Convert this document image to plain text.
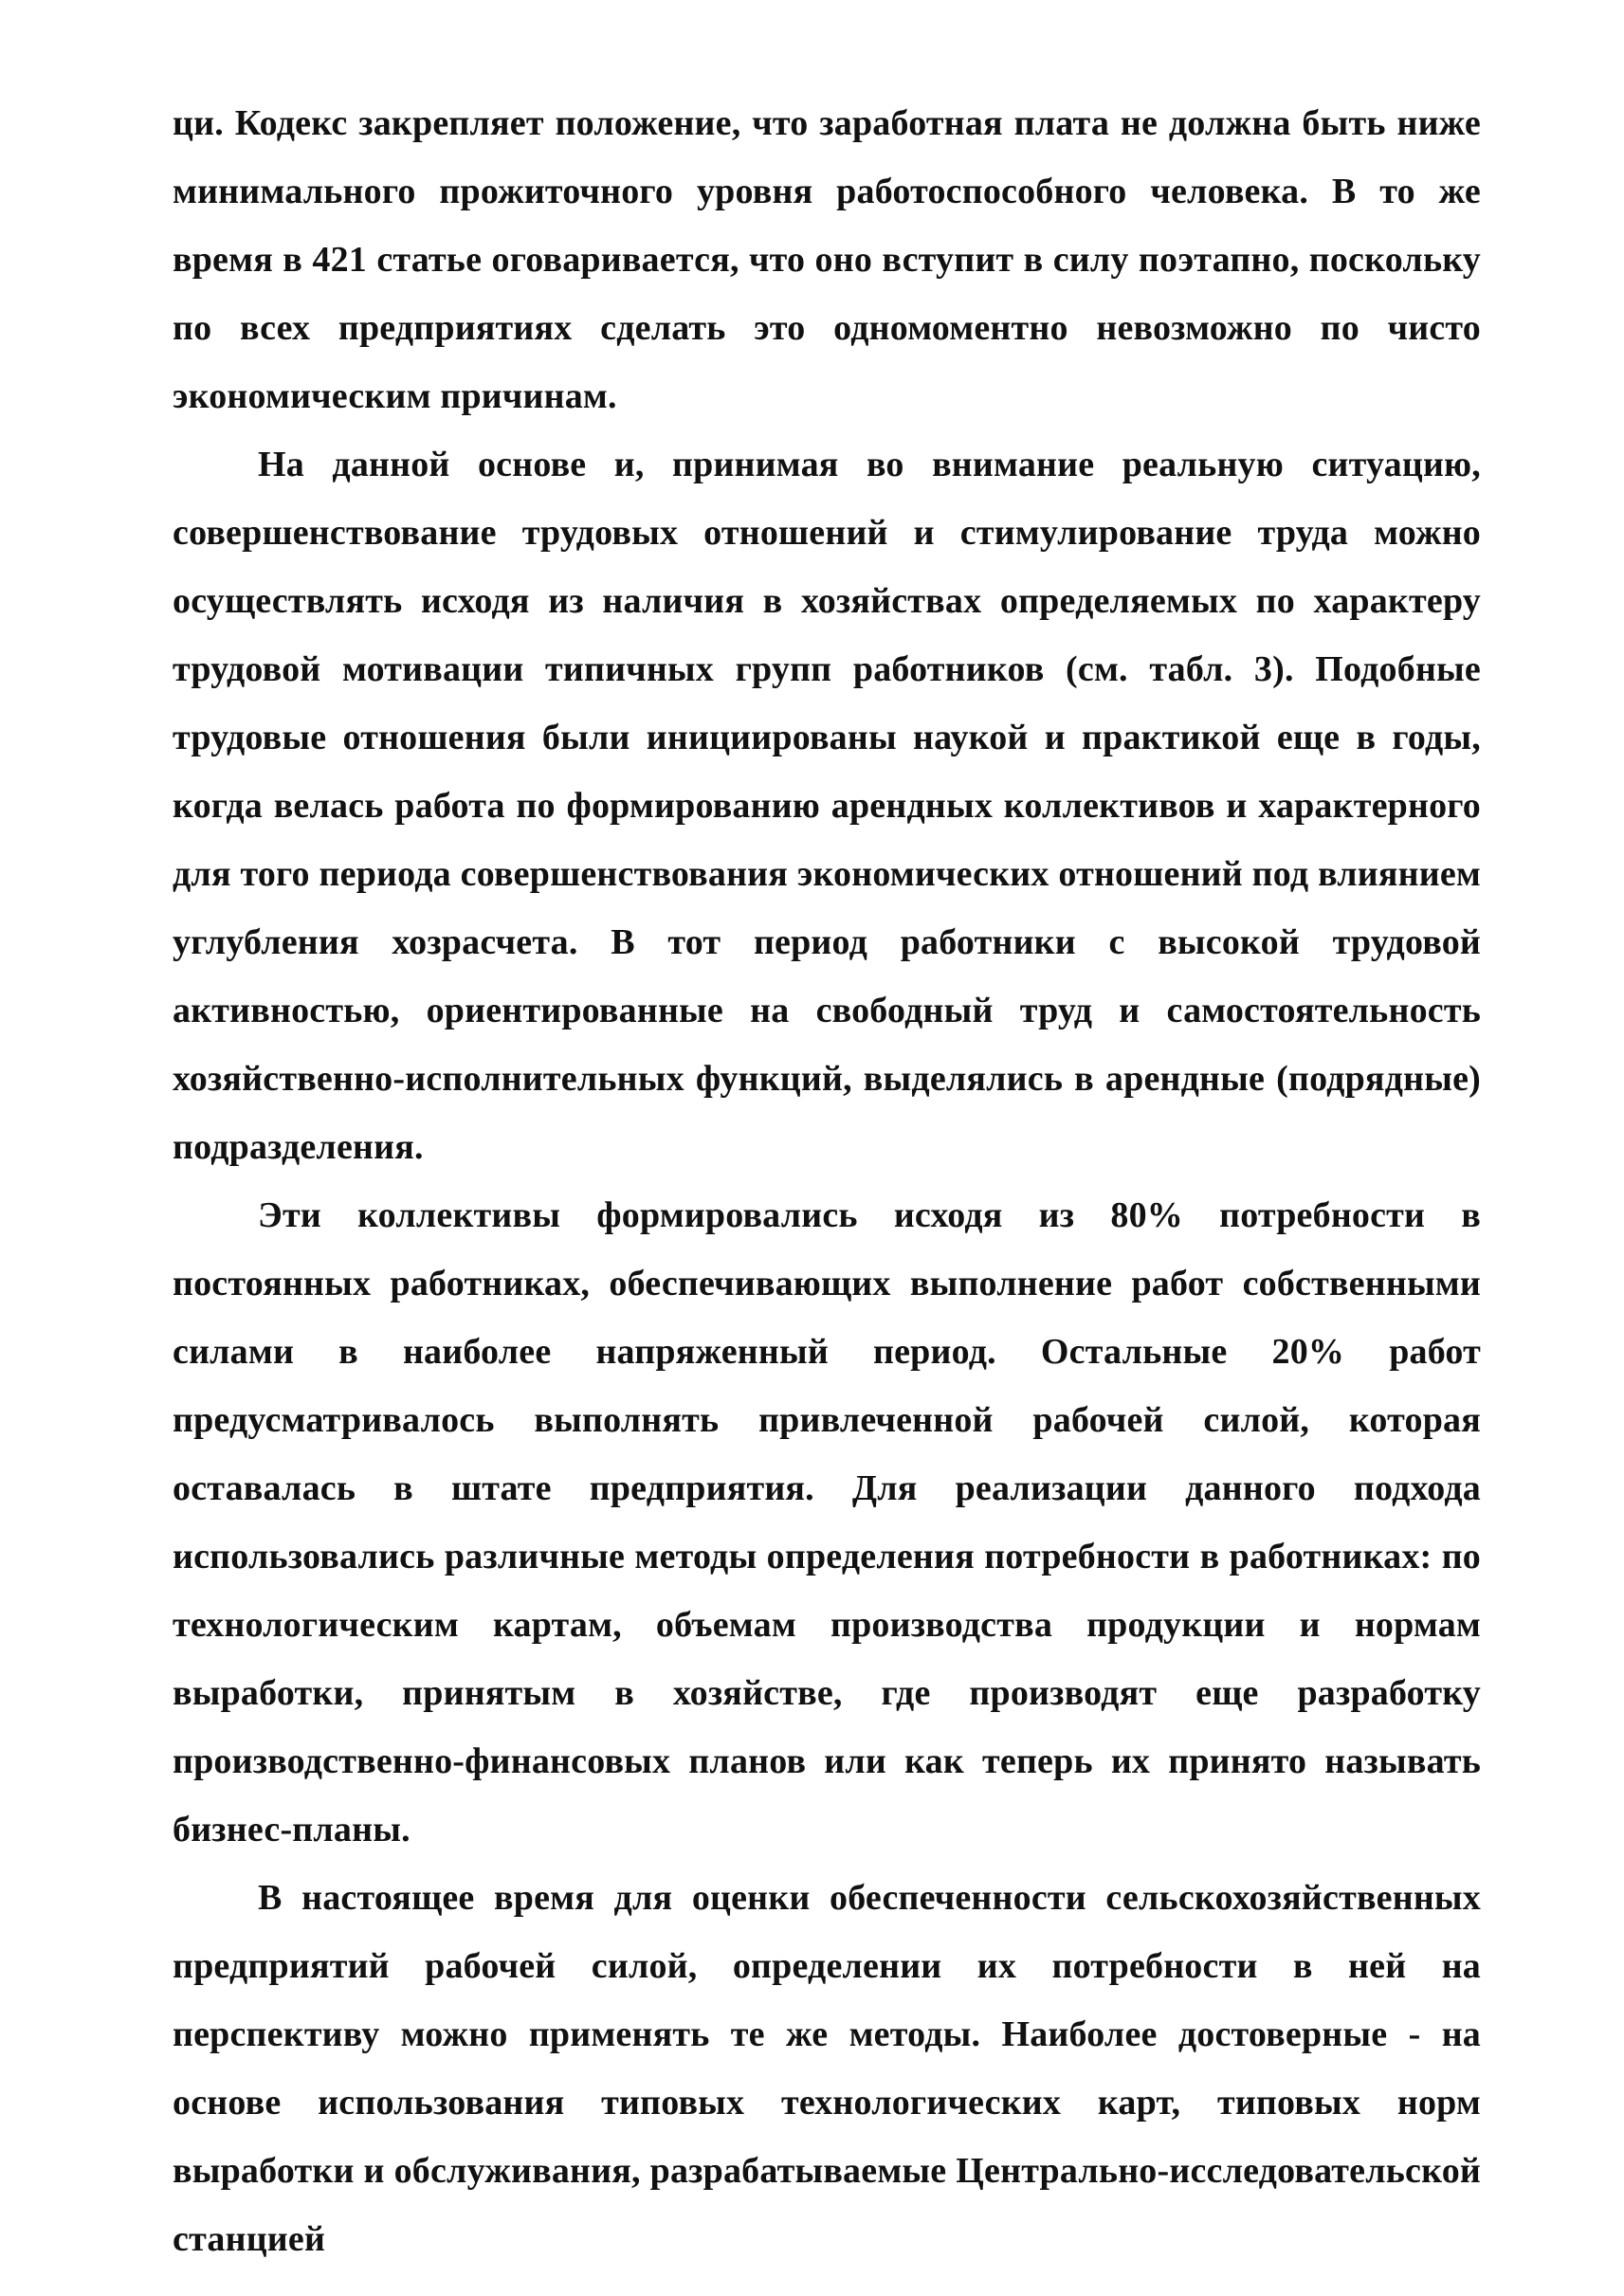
ци. Кодекс закрепляет положение, что заработная плата не должна быть ниже минимального прожиточного уровня работоспособного человека. В то же время в 421 статье оговаривается, что оно вступит в силу поэтапно, поскольку по всех предприятиях сделать это одномоментно невозможно по чисто экономическим причинам.

На данной основе и, принимая во внимание реальную ситуацию, совершенствование трудовых отношений и стимулирование труда можно осуществлять исходя из наличия в хозяйствах определяемых по характеру трудовой мотивации типичных групп работников (см. табл. 3). Подобные трудовые отношения были инициированы наукой и практикой еще в годы, когда велась работа по формированию арендных коллективов и характерного для того периода совершенствования экономических отношений под влиянием углубления хозрасчета. В тот период работники с высокой трудовой активностью, ориентированные на свободный труд и самостоятельность хозяйственно-исполнительных функций, выделялись в арендные (подрядные) подразделения.

Эти коллективы формировались исходя из 80% потребности в постоянных работниках, обеспечивающих выполнение работ собственными силами в наиболее напряженный период. Остальные 20% работ предусматривалось выполнять привлеченной рабочей силой, которая оставалась в штате предприятия. Для реализации данного подхода использовались различные методы определения потребности в работниках: по технологическим картам, объемам производства продукции и нормам выработки, принятым в хозяйстве, где производят еще разработку производственно-финансовых планов или как теперь их принято называть бизнес-планы.

В настоящее время для оценки обеспеченности сельскохозяйственных предприятий рабочей силой, определении их потребности в ней на перспективу можно применять те же методы. Наиболее достоверные - на основе использования типовых технологических карт, типовых норм выработки и обслуживания, разрабатываемые Центрально-исследовательской станцией
